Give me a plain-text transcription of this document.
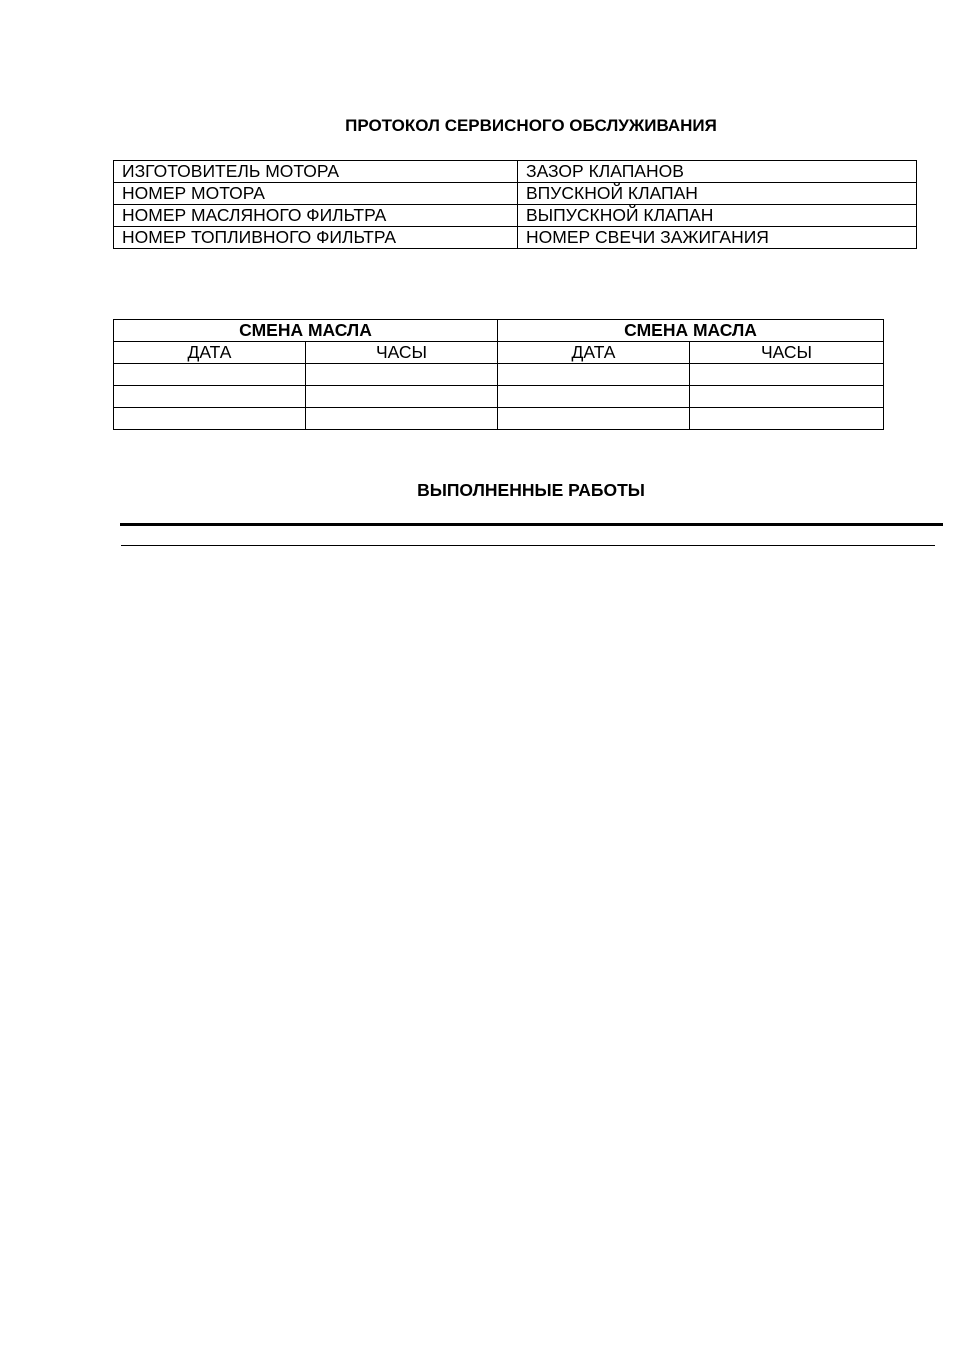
ПРОТОКОЛ СЕРВИСНОГО ОБСЛУЖИВАНИЯ
ИЗГОТОВИТЕЛЬ МОТОРА	ЗАЗОР КЛАПАНОВ
НОМЕР МОТОРА	ВПУСКНОЙ КЛАПАН
НОМЕР МАСЛЯНОГО ФИЛЬТРА	ВЫПУСКНОЙ КЛАПАН
НОМЕР ТОПЛИВНОГО ФИЛЬТРА	НОМЕР СВЕЧИ ЗАЖИГАНИЯ
СМЕНА МАСЛА		СМЕНА МАСЛА	
ДАТА	ЧАСЫ	ДАТА	ЧАСЫ

ВЫПОЛНЕННЫЕ РАБОТЫ
